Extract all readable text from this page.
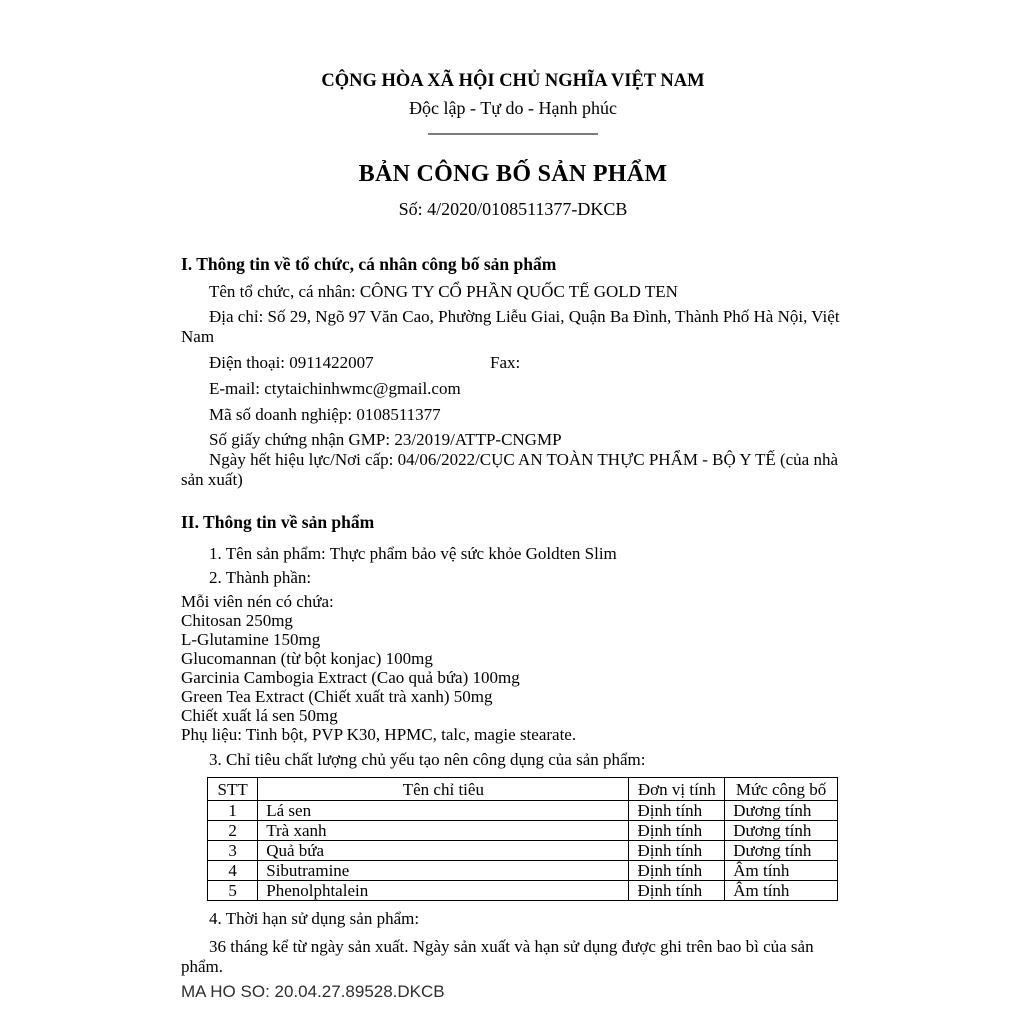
CỘNG HÒA XÃ HỘI CHỦ NGHĨA VIỆT NAM
Độc lập - Tự do - Hạnh phúc
BẢN CÔNG BỐ SẢN PHẨM
Số: 4/2020/0108511377-DKCB

I. Thông tin về tổ chức, cá nhân công bố sản phẩm

Tên tổ chức, cá nhân: CÔNG TY CỔ PHẦN QUỐC TẾ GOLD TEN

Địa chỉ: Số 29, Ngõ 97 Văn Cao, Phường Liễu Giai, Quận Ba Đình, Thành Phố Hà Nội, Việt Nam

Điện thoại: 0911422007	Fax:

E-mail: ctytaichinhwmc@gmail.com

Mã số doanh nghiệp: 0108511377

Số giấy chứng nhận GMP: 23/2019/ATTP-CNGMP

Ngày hết hiệu lực/Nơi cấp: 04/06/2022/CỤC AN TOÀN THỰC PHẨM - BỘ Y TẾ (của nhà sản xuất)

II. Thông tin về sản phẩm

1. Tên sản phẩm: Thực phẩm bảo vệ sức khỏe Goldten Slim

2. Thành phần:

Mỗi viên nén có chứa:

Chitosan 250mg

L-Glutamine 150mg

Glucomannan (từ bột konjac) 100mg

Garcinia Cambogia Extract (Cao quả bứa) 100mg

Green Tea Extract (Chiết xuất trà xanh) 50mg

Chiết xuất lá sen 50mg

Phụ liệu: Tinh bột, PVP K30, HPMC, talc, magie stearate.

3. Chỉ tiêu chất lượng chủ yếu tạo nên công dụng của sản phẩm:

STT	Tên chỉ tiêu	Đơn vị tính	Mức công bố
1	Lá sen	Định tính	Dương tính
2	Trà xanh	Định tính	Dương tính
3	Quả bứa	Định tính	Dương tính
4	Sibutramine	Định tính	Âm tính
5	Phenolphtalein	Định tính	Âm tính

4. Thời hạn sử dụng sản phẩm:

36 tháng kể từ ngày sản xuất. Ngày sản xuất và hạn sử dụng được ghi trên bao bì của sản phẩm.

MA HO SO: 20.04.27.89528.DKCB
